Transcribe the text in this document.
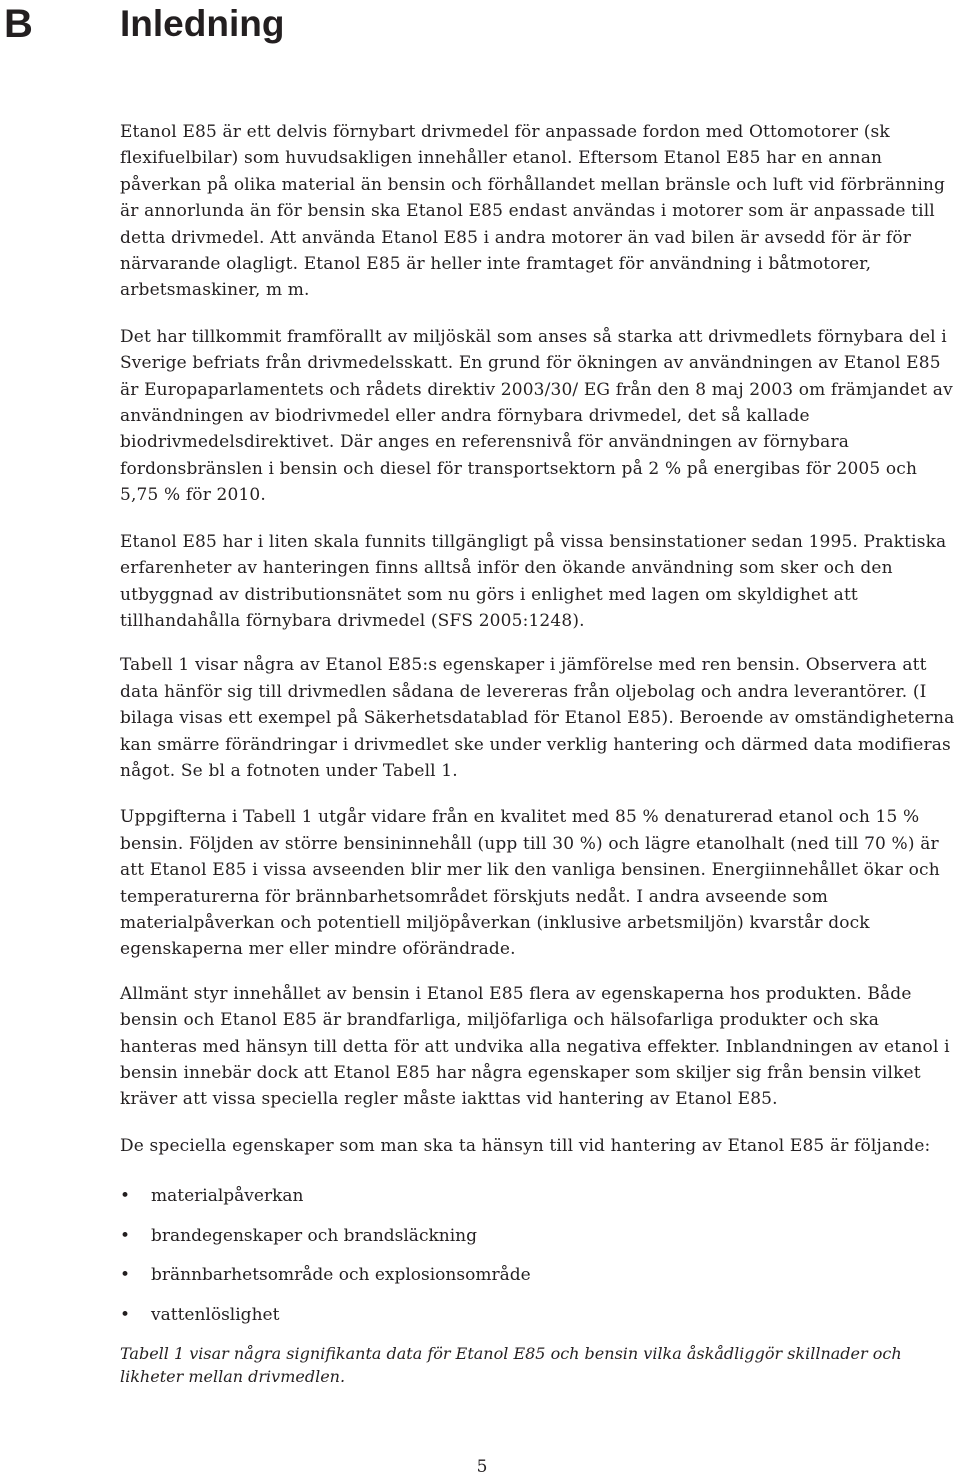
B Inledning

Etanol E85 är ett delvis förnybart drivmedel för anpassade fordon med Ottomotorer (sk flexifuelbilar) som huvudsakligen innehåller etanol. Eftersom Etanol E85 har en annan påverkan på olika material än bensin och förhållandet mellan bränsle och luft vid förbränning är annorlunda än för bensin ska Etanol E85 endast användas i motorer som är anpassade till detta drivmedel. Att använda Etanol E85 i andra motorer än vad bilen är avsedd för är för närvarande olagligt. Etanol E85 är heller inte framtaget för användning i båtmotorer, arbetsmaskiner, m m.

Det har tillkommit framförallt av miljöskäl som anses så starka att drivmedlets förnybara del i Sverige befriats från drivmedelsskatt. En grund för ökningen av användningen av Etanol E85 är Europaparlamentets och rådets direktiv 2003/30/ EG från den 8 maj 2003 om främjandet av användningen av biodrivmedel eller andra förnybara drivmedel, det så kallade biodrivmedelsdirektivet. Där anges en referensnivå för användningen av förnybara fordonsbränslen i bensin och diesel för transportsektorn på 2 % på energibas för 2005 och 5,75 % för 2010.

Etanol E85 har i liten skala funnits tillgängligt på vissa bensinstationer sedan 1995. Praktiska erfarenheter av hanteringen finns alltså inför den ökande användning som sker och den utbyggnad av distributionsnätet som nu görs i enlighet med lagen om skyldighet att tillhandahålla förnybara drivmedel (SFS 2005:1248).

Tabell 1 visar några av Etanol E85:s egenskaper i jämförelse med ren bensin. Observera att data hänför sig till drivmedlen sådana de levereras från oljebolag och andra leverantörer. (I bilaga visas ett exempel på Säkerhetsdatablad för Etanol E85). Beroende av omständigheterna kan smärre förändringar i drivmedlet ske under verklig hantering och därmed data modifieras något. Se bl a fotnoten under Tabell 1.

Uppgifterna i Tabell 1 utgår vidare från en kvalitet med 85 % denaturerad etanol och 15 % bensin. Följden av större bensininnehåll (upp till 30 %) och lägre etanolhalt (ned till 70 %) är att Etanol E85 i vissa avseenden blir mer lik den vanliga bensinen. Energiinnehållet ökar och temperaturerna för brännbarhetsområdet förskjuts nedåt. I andra avseende som materialpåverkan och potentiell miljöpåverkan (inklusive arbetsmiljön) kvarstår dock egenskaperna mer eller mindre oförändrade.

Allmänt styr innehållet av bensin i Etanol E85 flera av egenskaperna hos produkten. Både bensin och Etanol E85 är brandfarliga, miljöfarliga och hälsofarliga produkter och ska hanteras med hänsyn till detta för att undvika alla negativa effekter. Inblandningen av etanol i bensin innebär dock att Etanol E85 har några egenskaper som skiljer sig från bensin vilket kräver att vissa speciella regler måste iakttas vid hantering av Etanol E85.

De speciella egenskaper som man ska ta hänsyn till vid hantering av Etanol E85 är följande:

• materialpåverkan
• brandegenskaper och brandsläckning
• brännbarhetsområde och explosionsområde
• vattenlöslighet

Tabell 1 visar några signifikanta data för Etanol E85 och bensin vilka åskådliggör skillnader och likheter mellan drivmedlen.

5
